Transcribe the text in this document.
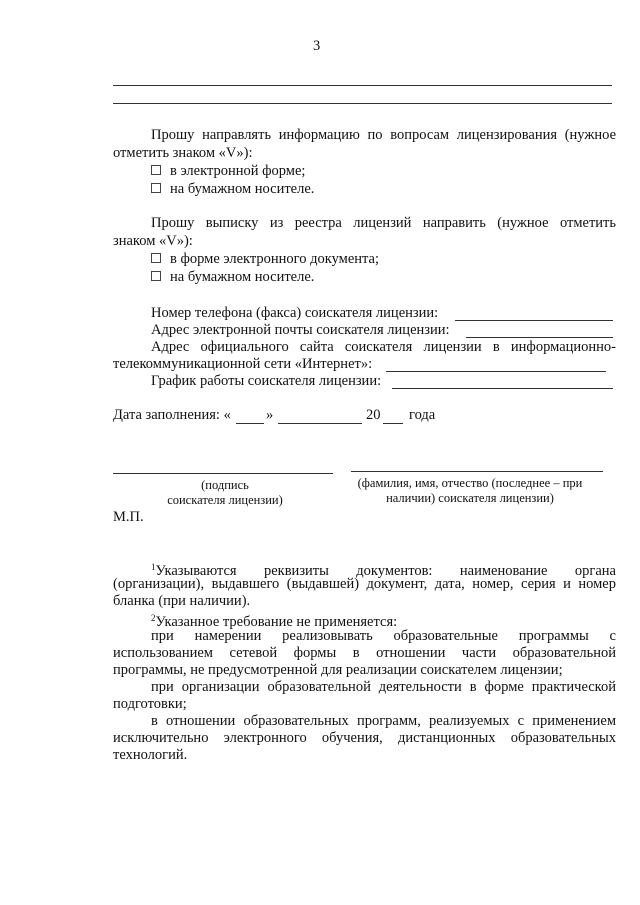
3
Прошу направлять информацию по вопросам лицензирования (нужное
отметить знаком «V»):
в электронной форме;
на бумажном носителе.
Прошу выписку из реестра лицензий направить (нужное отметить
знаком «V»):
в форме электронного документа;
на бумажном носителе.
Номер телефона (факса) соискателя лицензии:
Адрес электронной почты соискателя лицензии:
Адрес официального сайта соискателя лицензии в информационно-
телекоммуникационной сети «Интернет»:
График работы соискателя лицензии:
Дата заполнения: « »	20 года
(подпись
соискателя лицензии)
(фамилия, имя, отчество (последнее – при
наличии) соискателя лицензии)
М.П.
$^1$Указываются реквизиты документов: наименование органа
(организации), выдавшего (выдавшей) документ, дата, номер, серия и номер
бланка (при наличии).
$^2$Указанное требование не применяется:
при намерении реализовывать образовательные программы с
использованием сетевой формы в отношении части образовательной
программы, не предусмотренной для реализации соискателем лицензии;
при организации образовательной деятельности в форме практической
подготовки;
в отношении образовательных программ, реализуемых с применением
исключительно электронного обучения, дистанционных образовательных
технологий.
